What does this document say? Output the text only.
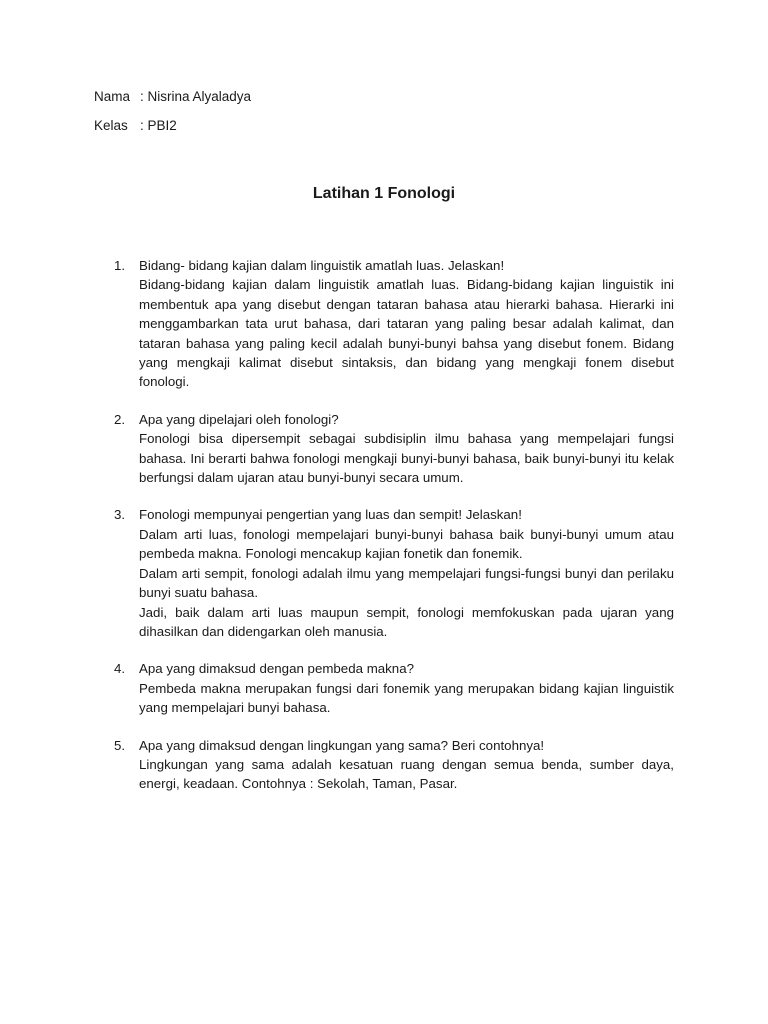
Nama : Nisrina Alyaladya
Kelas : PBI2
Latihan 1 Fonologi
1. Bidang- bidang kajian dalam linguistik amatlah luas. Jelaskan!
Bidang-bidang kajian dalam linguistik amatlah luas. Bidang-bidang kajian linguistik ini membentuk apa yang disebut dengan tataran bahasa atau hierarki bahasa. Hierarki ini menggambarkan tata urut bahasa, dari tataran yang paling besar adalah kalimat, dan tataran bahasa yang paling kecil adalah bunyi-bunyi bahsa yang disebut fonem. Bidang yang mengkaji kalimat disebut sintaksis, dan bidang yang mengkaji fonem disebut fonologi.
2. Apa yang dipelajari oleh fonologi?
Fonologi bisa dipersempit sebagai subdisiplin ilmu bahasa yang mempelajari fungsi bahasa. Ini berarti bahwa fonologi mengkaji bunyi-bunyi bahasa, baik bunyi-bunyi itu kelak berfungsi dalam ujaran atau bunyi-bunyi secara umum.
3. Fonologi mempunyai pengertian yang luas dan sempit! Jelaskan!
Dalam arti luas, fonologi mempelajari bunyi-bunyi bahasa baik bunyi-bunyi umum atau pembeda makna. Fonologi mencakup kajian fonetik dan fonemik.
Dalam arti sempit, fonologi adalah ilmu yang mempelajari fungsi-fungsi bunyi dan perilaku bunyi suatu bahasa.
Jadi, baik dalam arti luas maupun sempit, fonologi memfokuskan pada ujaran yang dihasilkan dan didengarkan oleh manusia.
4. Apa yang dimaksud dengan pembeda makna?
Pembeda makna merupakan fungsi dari fonemik yang merupakan bidang kajian linguistik yang mempelajari bunyi bahasa.
5. Apa yang dimaksud dengan lingkungan yang sama? Beri contohnya!
Lingkungan yang sama adalah kesatuan ruang dengan semua benda, sumber daya, energi, keadaan. Contohnya : Sekolah, Taman, Pasar.
